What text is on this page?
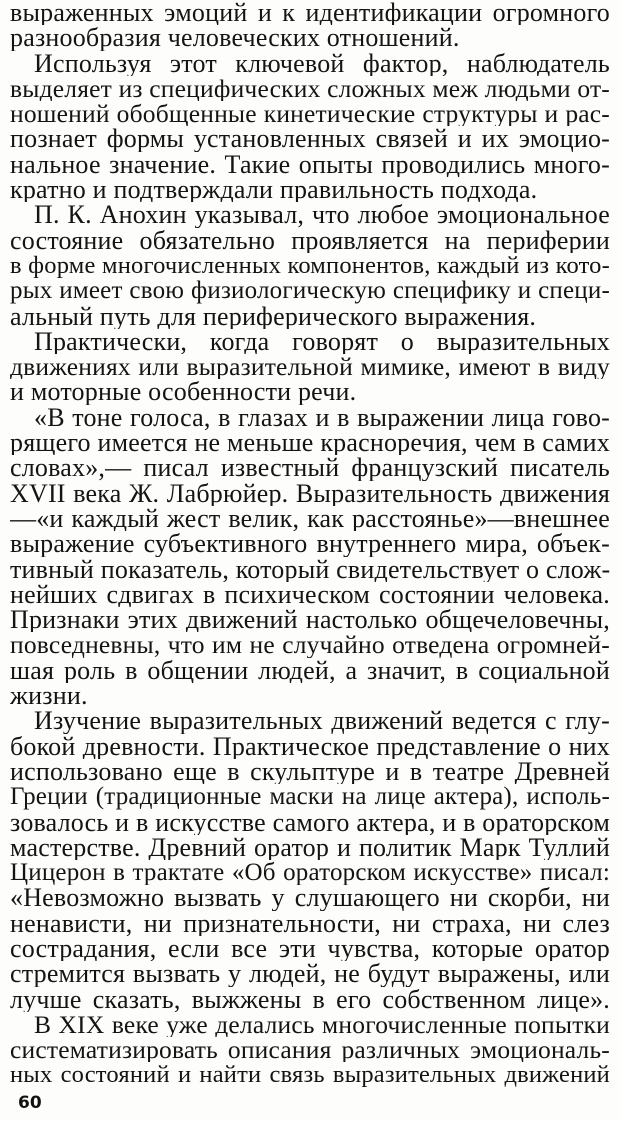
выраженных эмоций и к идентификации огромного
разнообразия человеческих отношений.
Используя этот ключевой фактор, наблюдатель
выделяет из специфических сложных меж людьми от-
ношений обобщенные кинетические структуры и рас-
познает формы установленных связей и их эмоцио-
нальное значение. Такие опыты проводились много-
кратно и подтверждали правильность подхода.
П. К. Анохин указывал, что любое эмоциональное
состояние обязательно проявляется на периферии
в форме многочисленных компонентов, каждый из кото-
рых имеет свою физиологическую специфику и специ-
альный путь для периферического выражения.
Практически, когда говорят о выразительных
движениях или выразительной мимике, имеют в виду
и моторные особенности речи.
«В тоне голоса, в глазах и в выражении лица гово-
рящего имеется не меньше красноречия, чем в самих
словах»,— писал известный французский писатель
XVII века Ж. Лабрюйер. Выразительность движения
—«и каждый жест велик, как расстоянье»—внешнее
выражение субъективного внутреннего мира, объек-
тивный показатель, который свидетельствует о слож-
нейших сдвигах в психическом состоянии человека.
Признаки этих движений настолько общечеловечны,
повседневны, что им не случайно отведена огромней-
шая роль в общении людей, а значит, в социальной
жизни.
Изучение выразительных движений ведется с глу-
бокой древности. Практическое представление о них
использовано еще в скульптуре и в театре Древней
Греции (традиционные маски на лице актера), исполь-
зовалось и в искусстве самого актера, и в ораторском
мастерстве. Древний оратор и политик Марк Туллий
Цицерон в трактате «Об ораторском искусстве» писал:
«Невозможно вызвать у слушающего ни скорби, ни
ненависти, ни признательности, ни страха, ни слез
сострадания, если все эти чувства, которые оратор
стремится вызвать у людей, не будут выражены, или
лучше сказать, выжжены в его собственном лице».
В XIX веке уже делались многочисленные попытки
систематизировать описания различных эмоциональ-
ных состояний и найти связь выразительных движений
60
